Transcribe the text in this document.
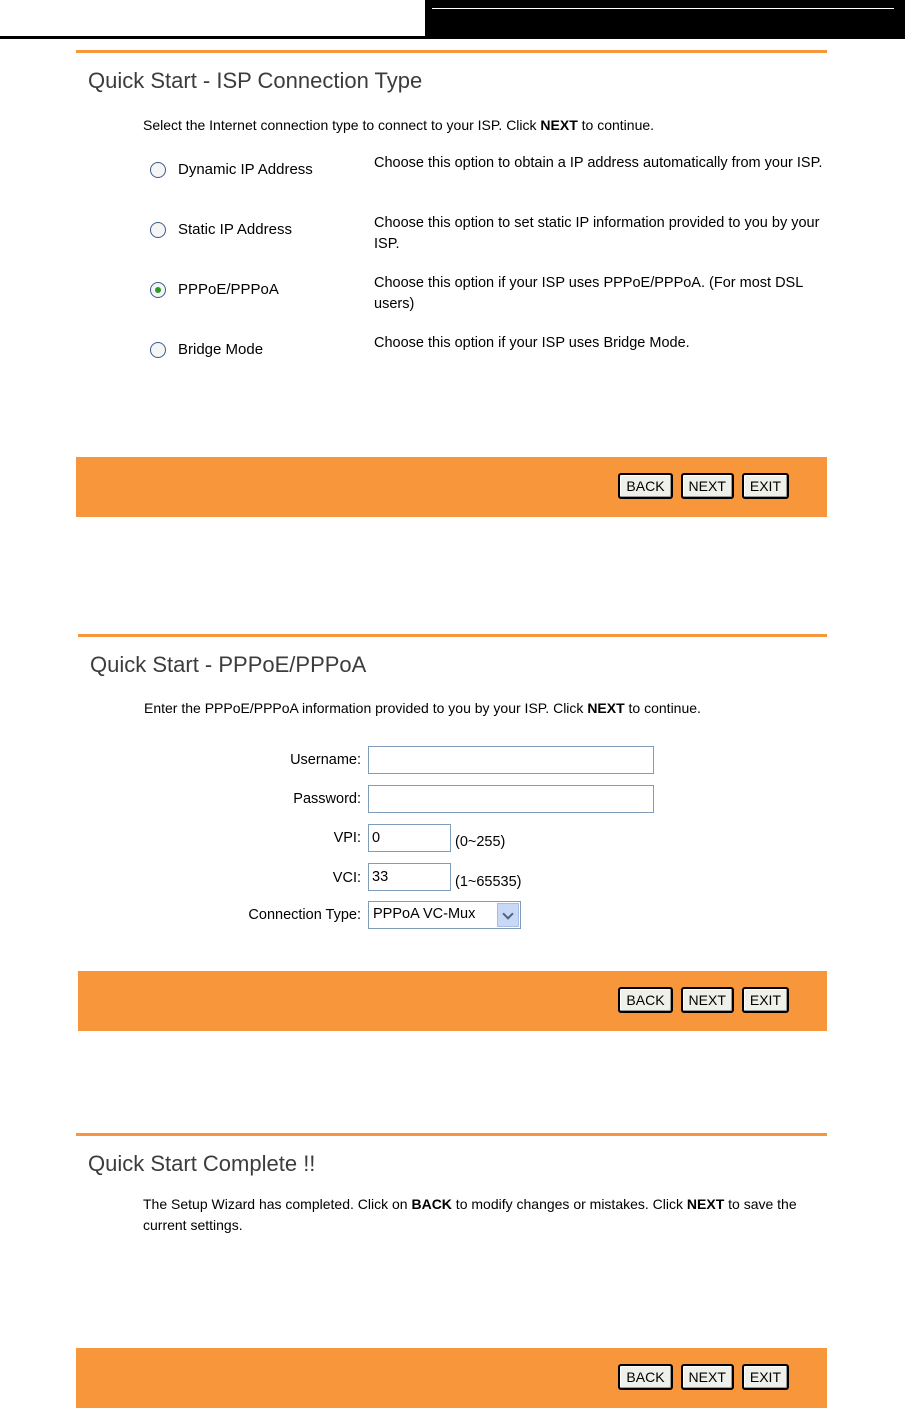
Quick Start - ISP Connection Type
Select the Internet connection type to connect to your ISP. Click NEXT to continue.
Dynamic IP Address	Choose this option to obtain a IP address automatically from your ISP.
Static IP Address	Choose this option to set static IP information provided to you by your ISP.
PPPoE/PPPoA	Choose this option if your ISP uses PPPoE/PPPoA. (For most DSL users)
Bridge Mode	Choose this option if your ISP uses Bridge Mode.
BACK	NEXT	EXIT
Quick Start - PPPoE/PPPoA
Enter the PPPoE/PPPoA information provided to you by your ISP. Click NEXT to continue.
Username:
Password:
VPI:
0	(0~255)
VCI:
33	(1~65535)
Connection Type: PPPoA VC-Mux
BACK	NEXT	EXIT
Quick Start Complete !!
The Setup Wizard has completed. Click on BACK to modify changes or mistakes. Click NEXT to save the current settings.
BACK	NEXT	EXIT
